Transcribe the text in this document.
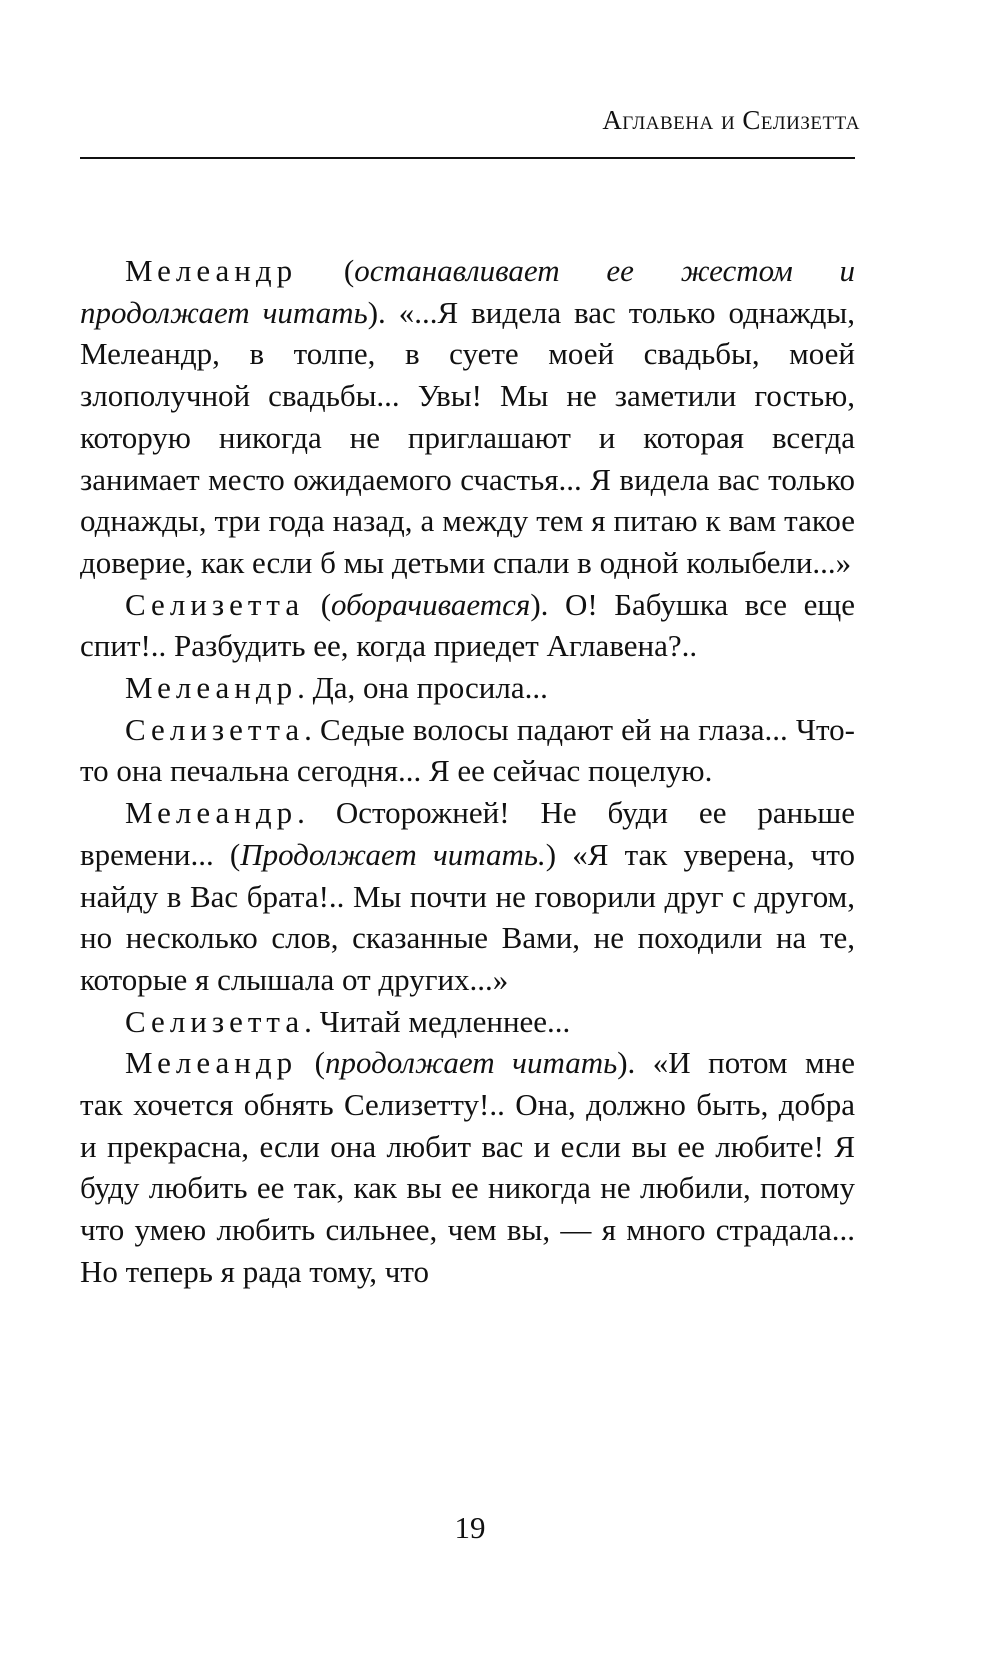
Аглавена и Селизетта

Мелеандр (останавливает ее жестом и продолжает читать). «...Я видела вас только однажды, Мелеандр, в толпе, в суете моей свадьбы, моей злополучной свадьбы... Увы! Мы не заметили гостью, которую никогда не приглашают и которая всегда занимает место ожидаемого счастья... Я видела вас только однажды, три года назад, а между тем я питаю к вам такое доверие, как если б мы детьми спали в одной колыбели...»

Селизетта (оборачивается). О! Бабушка все еще спит!.. Разбудить ее, когда приедет Аглавена?..

Мелеандр. Да, она просила...

Селизетта. Седые волосы падают ей на глаза... Что-то она печальна сегодня... Я ее сейчас поцелую.

Мелеандр. Осторожней! Не буди ее раньше времени... (Продолжает читать.) «Я так уверена, что найду в Вас брата!.. Мы почти не говорили друг с другом, но несколько слов, сказанные Вами, не походили на те, которые я слышала от других...»

Селизетта. Читай медленнее...

Мелеандр (продолжает читать). «И потом мне так хочется обнять Селизетту!.. Она, должно быть, добра и прекрасна, если она любит вас и если вы ее любите! Я буду любить ее так, как вы ее никогда не любили, потому что умею любить сильнее, чем вы, — я много страдала... Но теперь я рада тому, что

19
